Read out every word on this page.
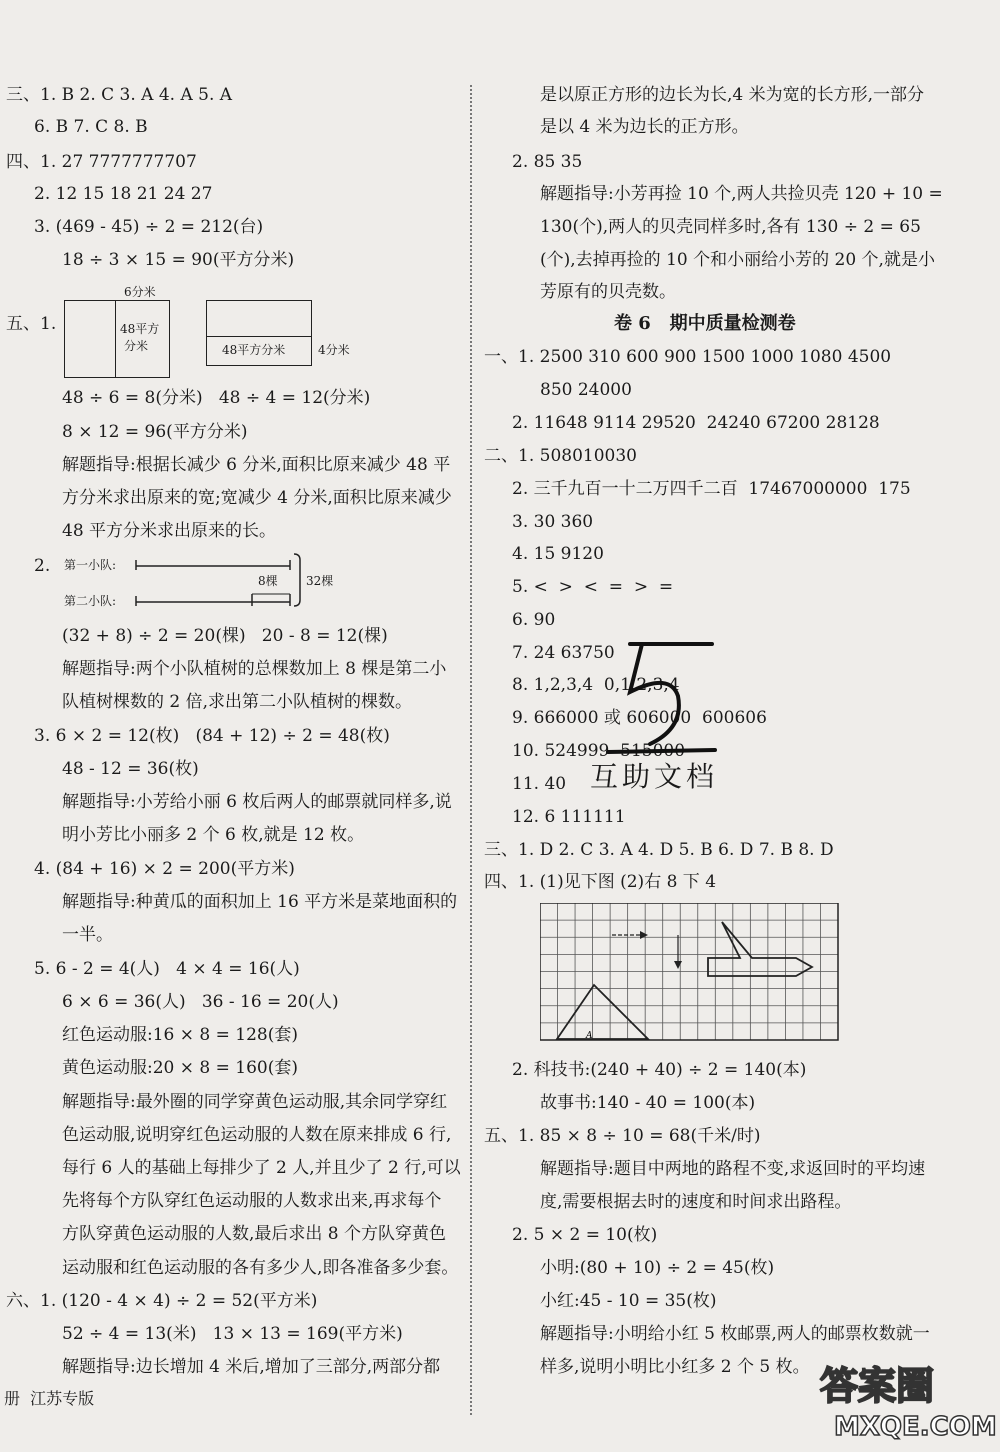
三、1. B 2. C 3. A 4. A 5. A
6. B 7. C 8. B
四、1. 27 7777777707
2. 12 15 18 21 24 27
3. (469 - 45) ÷ 2 = 212(台)
18 ÷ 3 × 15 = 90(平方分米)
五、1.
48 ÷ 6 = 8(分米)   48 ÷ 4 = 12(分米)
8 × 12 = 96(平方分米)
解题指导:根据长减少 6 分米,面积比原来减少 48 平
方分米求出原来的宽;宽减少 4 分米,面积比原来减少
48 平方分米求出原来的长。
2.
(32 + 8) ÷ 2 = 20(棵)   20 - 8 = 12(棵)
解题指导:两个小队植树的总棵数加上 8 棵是第二小
队植树棵数的 2 倍,求出第二小队植树的棵数。
3. 6 × 2 = 12(枚)   (84 + 12) ÷ 2 = 48(枚)
48 - 12 = 36(枚)
解题指导:小芳给小丽 6 枚后两人的邮票就同样多,说
明小芳比小丽多 2 个 6 枚,就是 12 枚。
4. (84 + 16) × 2 = 200(平方米)
解题指导:种黄瓜的面积加上 16 平方米是菜地面积的
一半。
5. 6 - 2 = 4(人)   4 × 4 = 16(人)
6 × 6 = 36(人)   36 - 16 = 20(人)
红色运动服:16 × 8 = 128(套)
黄色运动服:20 × 8 = 160(套)
解题指导:最外圈的同学穿黄色运动服,其余同学穿红
色运动服,说明穿红色运动服的人数在原来排成 6 行,
每行 6 人的基础上每排少了 2 人,并且少了 2 行,可以
先将每个方队穿红色运动服的人数求出来,再求每个
方队穿黄色运动服的人数,最后求出 8 个方队穿黄色
运动服和红色运动服的各有多少人,即各准备多少套。
六、1. (120 - 4 × 4) ÷ 2 = 52(平方米)
52 ÷ 4 = 13(米)   13 × 13 = 169(平方米)
解题指导:边长增加 4 米后,增加了三部分,两部分都
是以原正方形的边长为长,4 米为宽的长方形,一部分
是以 4 米为边长的正方形。
2. 85 35
解题指导:小芳再捡 10 个,两人共捡贝壳 120 + 10 =
130(个),两人的贝壳同样多时,各有 130 ÷ 2 = 65
(个),去掉再捡的 10 个和小丽给小芳的 20 个,就是小
芳原有的贝壳数。
一、1. 2500 310 600 900 1500 1000 1080 4500
850 24000
2. 11648 9114 29520  24240 67200 28128
二、1. 508010030
2. 三千九百一十二万四千二百  17467000000  175
3. 30 360
4. 15 9120
5. <  >  <  =  >  =
6. 90
7. 24 63750
8. 1,2,3,4  0,1,2,3,4
9. 666000 或 606000  600606
10. 524999  515000
11. 40
12. 6 111111
三、1. D 2. C 3. A 4. D 5. B 6. D 7. B 8. D
四、1. (1)见下图 (2)右 8 下 4
2. 科技书:(240 + 40) ÷ 2 = 140(本)
故事书:140 - 40 = 100(本)
五、1. 85 × 8 ÷ 10 = 68(千米/时)
解题指导:题目中两地的路程不变,求返回时的平均速
度,需要根据去时的速度和时间求出路程。
2. 5 × 2 = 10(枚)
小明:(80 + 10) ÷ 2 = 45(枚)
小红:45 - 10 = 35(枚)
解题指导:小明给小红 5 枚邮票,两人的邮票枚数就一
样多,说明小明比小红多 2 个 5 枚。
卷 6   期中质量检测卷
6分米
48平方
分米	48平方分米	4分米
第一小队:
第二小队:
8棵 32棵
A
互助文档
答案圈
MXQE.COM
册  江苏专版
